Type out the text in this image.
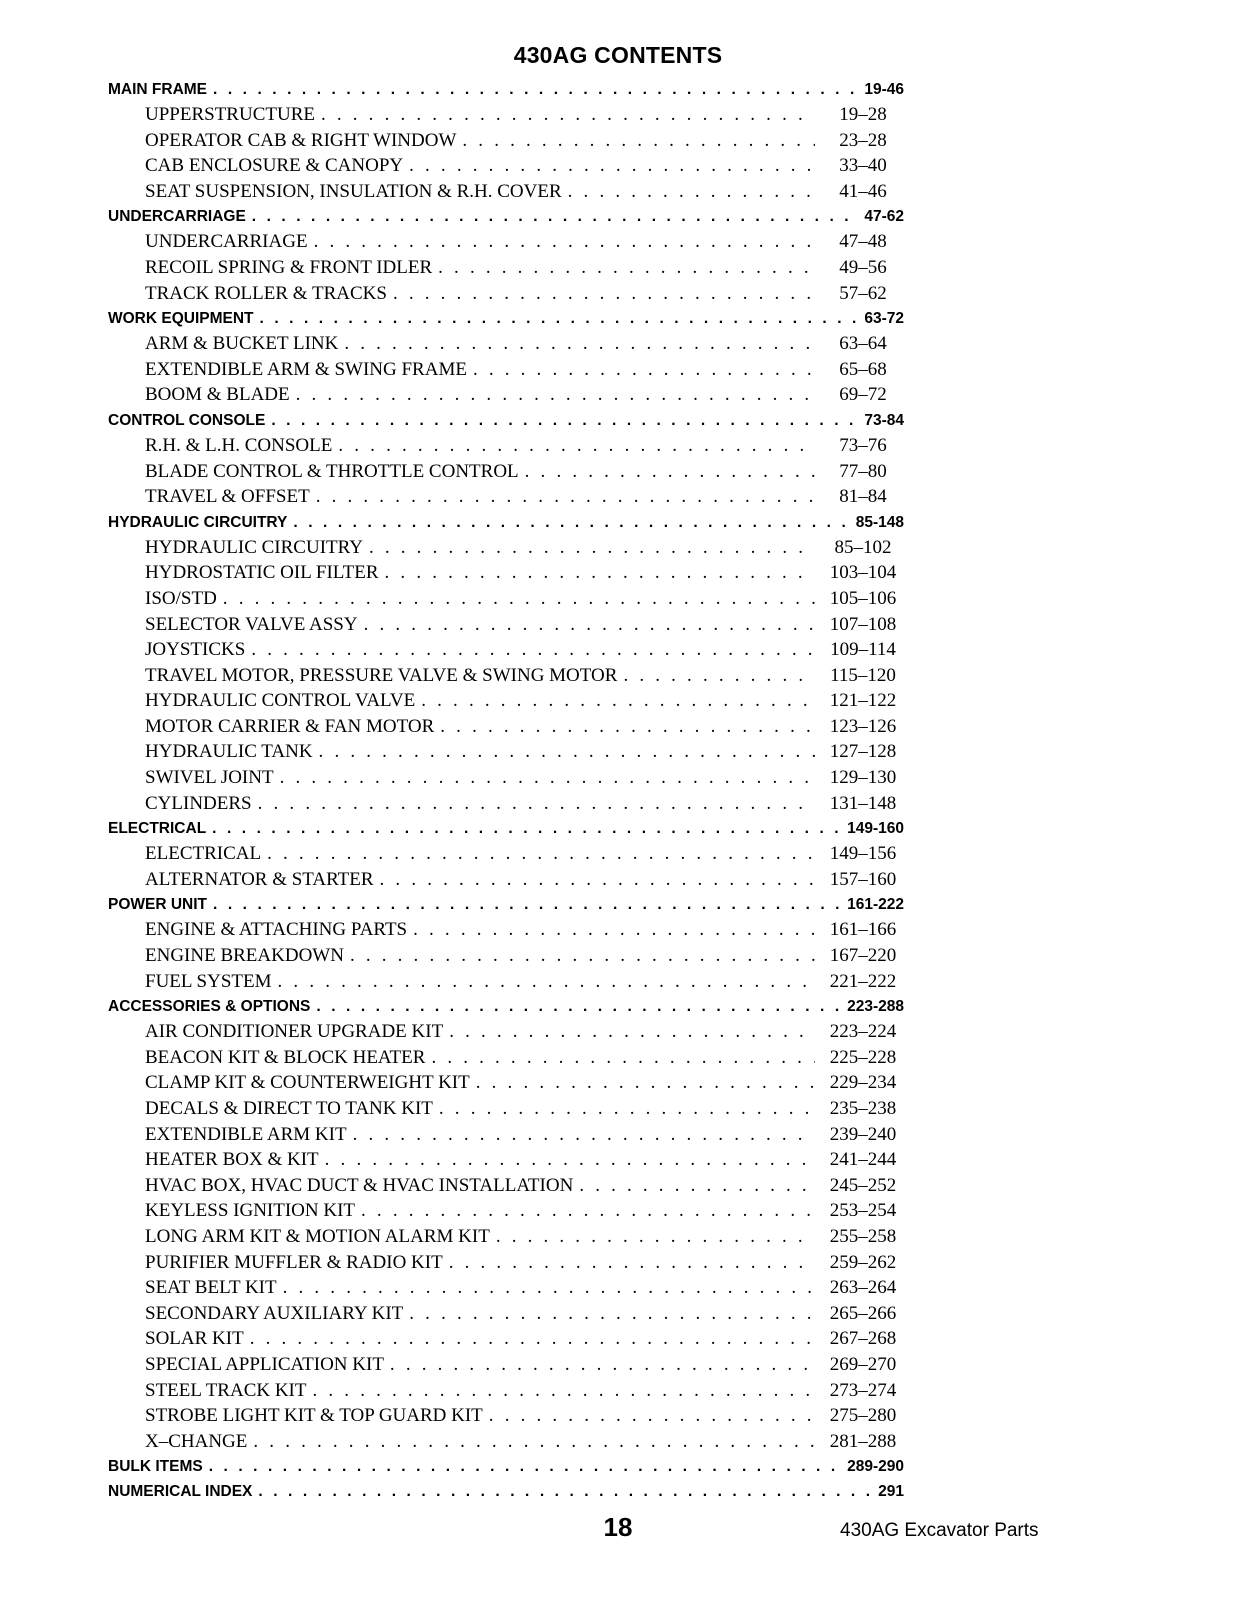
430AG CONTENTS
MAIN FRAME . . .	19-46
UPPERSTRUCTURE . . .	19–28
OPERATOR CAB & RIGHT WINDOW . . .	23–28
CAB ENCLOSURE & CANOPY . . .	33–40
SEAT SUSPENSION, INSULATION & R.H. COVER . . .	41–46
UNDERCARRIAGE . . .	47-62
UNDERCARRIAGE . . .	47–48
RECOIL SPRING & FRONT IDLER . . .	49–56
TRACK ROLLER & TRACKS . . .	57–62
WORK EQUIPMENT . . .	63-72
ARM & BUCKET LINK . . .	63–64
EXTENDIBLE ARM & SWING FRAME . . .	65–68
BOOM & BLADE . . .	69–72
CONTROL CONSOLE . . .	73-84
R.H. & L.H. CONSOLE . . .	73–76
BLADE CONTROL & THROTTLE CONTROL . . .	77–80
TRAVEL & OFFSET . . .	81–84
HYDRAULIC CIRCUITRY . . .	85-148
HYDRAULIC CIRCUITRY . . .	85–102
HYDROSTATIC OIL FILTER . . .	103–104
ISO/STD . . .	105–106
SELECTOR VALVE ASSY . . .	107–108
JOYSTICKS . . .	109–114
TRAVEL MOTOR, PRESSURE VALVE & SWING MOTOR . . .	115–120
HYDRAULIC CONTROL VALVE . . .	121–122
MOTOR CARRIER & FAN MOTOR . . .	123–126
HYDRAULIC TANK . . .	127–128
SWIVEL JOINT . . .	129–130
CYLINDERS . . .	131–148
ELECTRICAL . . .	149-160
ELECTRICAL . . .	149–156
ALTERNATOR & STARTER . . .	157–160
POWER UNIT . . .	161-222
ENGINE & ATTACHING PARTS . . .	161–166
ENGINE BREAKDOWN . . .	167–220
FUEL SYSTEM . . .	221–222
ACCESSORIES & OPTIONS . . .	223-288
AIR CONDITIONER UPGRADE KIT . . .	223–224
BEACON KIT & BLOCK HEATER . . .	225–228
CLAMP KIT & COUNTERWEIGHT KIT . . .	229–234
DECALS & DIRECT TO TANK KIT . . .	235–238
EXTENDIBLE ARM KIT . . .	239–240
HEATER BOX & KIT . . .	241–244
HVAC BOX, HVAC DUCT & HVAC INSTALLATION . . .	245–252
KEYLESS IGNITION KIT . . .	253–254
LONG ARM KIT & MOTION ALARM KIT . . .	255–258
PURIFIER MUFFLER & RADIO KIT . . .	259–262
SEAT BELT KIT . . .	263–264
SECONDARY AUXILIARY KIT . . .	265–266
SOLAR KIT . . .	267–268
SPECIAL APPLICATION KIT . . .	269–270
STEEL TRACK KIT . . .	273–274
STROBE LIGHT KIT & TOP GUARD KIT . . .	275–280
X–CHANGE . . .	281–288
BULK ITEMS . . .	289-290
NUMERICAL INDEX . . .	291
18	430AG Excavator Parts
